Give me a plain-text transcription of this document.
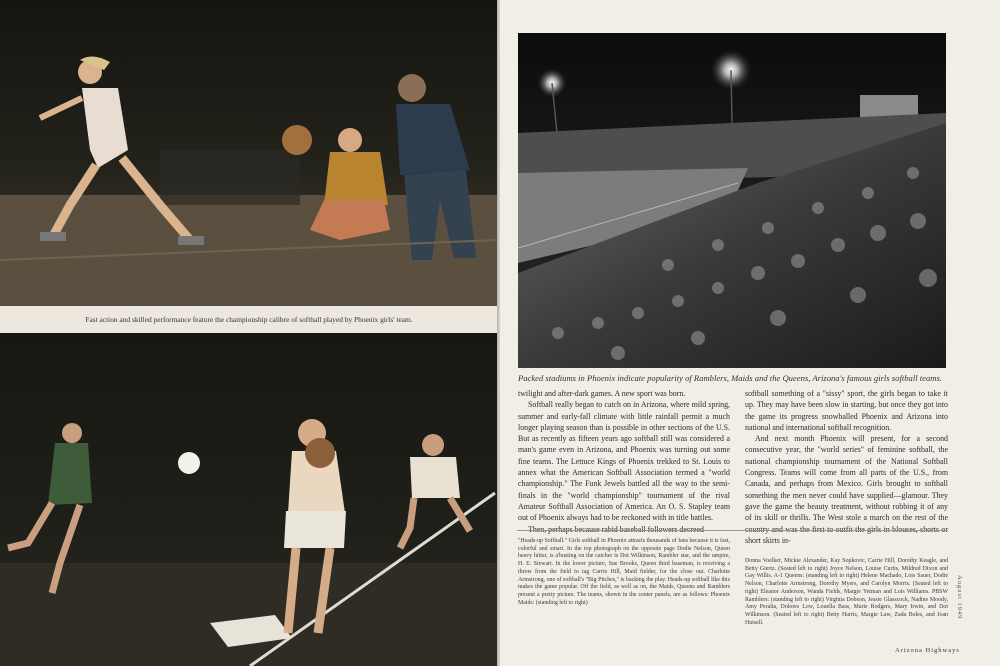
Fast action and skilled performance feature the championship calibre of softball played by Phoenix girls' team.
Packed stadiums in Phoenix indicate popularity of Ramblers, Maids and the Queens, Arizona's famous girls softball teams.

twilight and after-dark games. A new sport was born.

Softball really began to catch on in Arizona, where mild spring, summer and early-fall climate with little rainfall permit a much longer playing season than is possible in other sections of the U.S. But as recently as fifteen years ago softball still was considered a man's game even in Arizona, and Phoenix was turning out some fine teams. The Lettuce Kings of Phoenix trekked to St. Louis to annex what the American Softball Association termed a "world championship." The Funk Jewels battled all the way to the semi-finals in the "world championship" tournament of the rival Amateur Softball Association of America. An O. S. Stapley team out of Phoenix always had to be reckoned with in title battles.

softball something of a "sissy" sport, the girls began to take it up. They may have been slow in starting, but once they got into the game its progress snowballed Phoenix and Arizona into national and international softball recognition.

And next month Phoenix will present, for a second consecutive year, the "world series" of feminine softball, the national championship tournament of the National Softball Congress. Teams will come from all parts of the U.S., from Canada, and perhaps from Mexico. Girls brought to softball something the men never could have supplied—glamour. They gave the game the beauty treatment, without robbing it of any of its skill or thrills. The West stole a march on the rest of the short skirts in-

"Heads-up Softball." Girls softball in Phoenix attracts thousands of fans because it is fast, colorful and smart. In the top photograph on the opposite page Dodie Nelson, Queen heavy hitter, is a'busting on the catcher is Dot Wilkinson, Rambler star, and the umpire, H. E. Stewart. In the lower picture, Sue Brooks, Queen third baseman, is receiving a throw from the field to tag Carrie Hill, Maid fielder, for the close out. Charlotte Armstrong, one of softball's "Big Pitches," is backing the play. Heads-up softball like this makes the game popular. Off the field, as well as on, the Maids, Queens and Ramblers present a pretty picture. The teams, shown in the center panels, are as follows: Phoenix Maids: (standing left to right)

Donna Voelker, Mickie Alexander, Kay Sopkovic, Carrie Hill, Dorothy Keagle, and Betty Giertz. (Seated left to right) Joyce Nelson, Louise Curtis, Mildred Dixon and Gay Willis. A-1 Queens: (standing left to right) Helene Machado, Lois Sauer, Dodie Nelson, Charlotte Armstrong, Dorothy Myers, and Carolyn Morris. (Seated left to right) Eleanor Anderson, Wanda Fields, Margie Yetman and Lois Williams. PBSW Ramblers: (standing left to right) Virginia Dobson, Jessie Glasscock, Nadine Moody, Amy Peralta, Dolores Low, Louella Bass, Marie Rodgers, Mary Irwin, and Dot Wilkinson. (Seated left to right) Betty Harris, Margie Law, Zada Boles, and Joan Hutsell.

August 1949
Arizona Highways
